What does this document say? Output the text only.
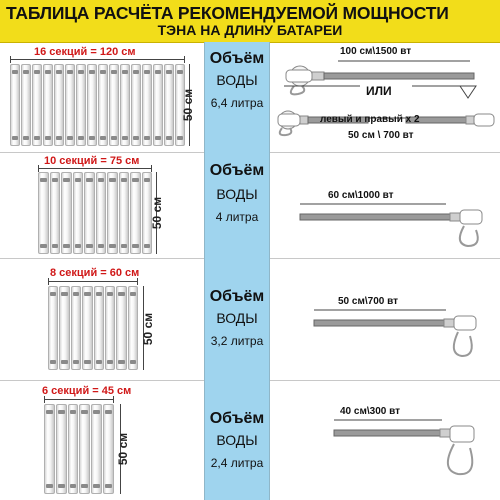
ТАБЛИЦА РАСЧЁТА РЕКОМЕНДУЕМОЙ МОЩНОСТИ
ТЭНА НА ДЛИНУ БАТАРЕИ
16 секций = 120 см
50 см
Объём
ВОДЫ
6,4 литра
100 см\1500 вт
ИЛИ
левый и правый х 2
50 см \ 700 вт
10 секций = 75 см
50 см
Объём
ВОДЫ
4 литра
60 см\1000 вт
8 секций = 60 см
50 см
Объём
ВОДЫ
3,2 литра
50 см\700 вт
6 секций = 45 см
50 см
Объём
ВОДЫ
2,4 литра
40 см\300 вт
